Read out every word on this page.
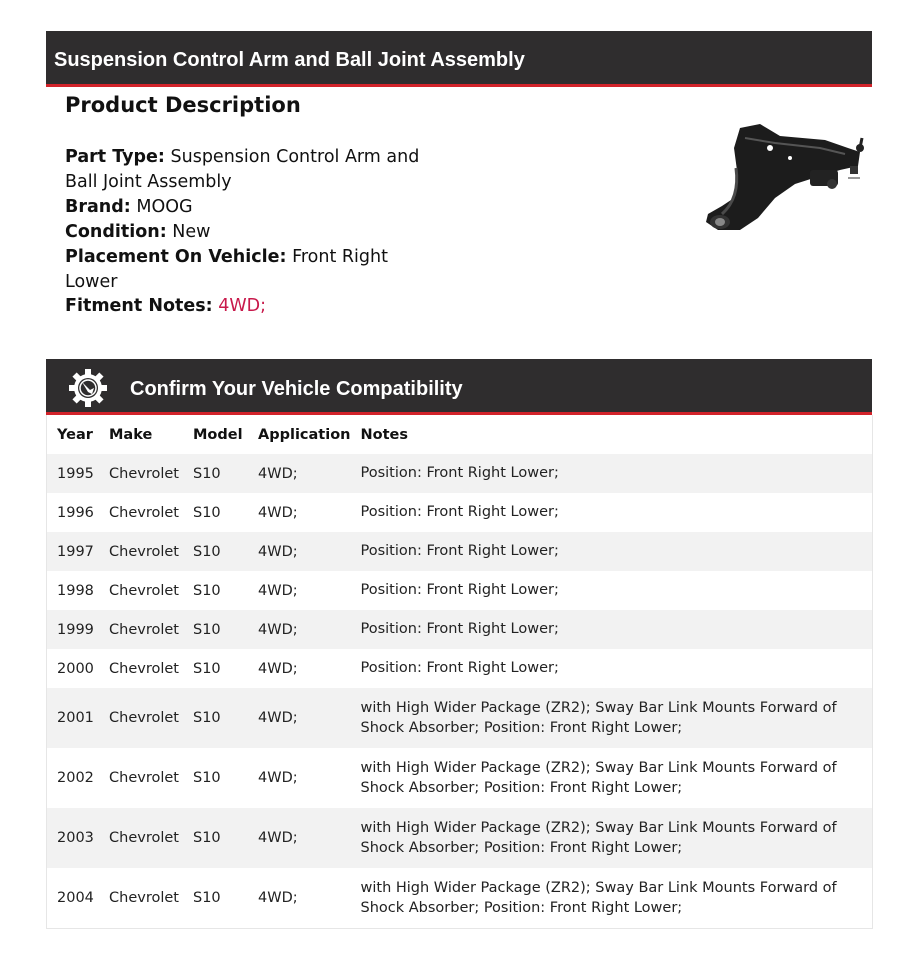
Suspension Control Arm and Ball Joint Assembly
Product Description
Part Type: Suspension Control Arm and Ball Joint Assembly
Brand: MOOG
Condition: New
Placement On Vehicle: Front Right Lower
Fitment Notes: 4WD;
Confirm Your Vehicle Compatibility
Year	Make	Model	Application	Notes
1995	Chevrolet	S10	4WD;	Position: Front Right Lower;
1996	Chevrolet	S10	4WD;	Position: Front Right Lower;
1997	Chevrolet	S10	4WD;	Position: Front Right Lower;
1998	Chevrolet	S10	4WD;	Position: Front Right Lower;
1999	Chevrolet	S10	4WD;	Position: Front Right Lower;
2000	Chevrolet	S10	4WD;	Position: Front Right Lower;
2001	Chevrolet	S10	4WD;	with High Wider Package (ZR2); Sway Bar Link Mounts Forward of Shock Absorber; Position: Front Right Lower;
2002	Chevrolet	S10	4WD;	with High Wider Package (ZR2); Sway Bar Link Mounts Forward of Shock Absorber; Position: Front Right Lower;
2003	Chevrolet	S10	4WD;	with High Wider Package (ZR2); Sway Bar Link Mounts Forward of Shock Absorber; Position: Front Right Lower;
2004	Chevrolet	S10	4WD;	with High Wider Package (ZR2); Sway Bar Link Mounts Forward of Shock Absorber; Position: Front Right Lower;
